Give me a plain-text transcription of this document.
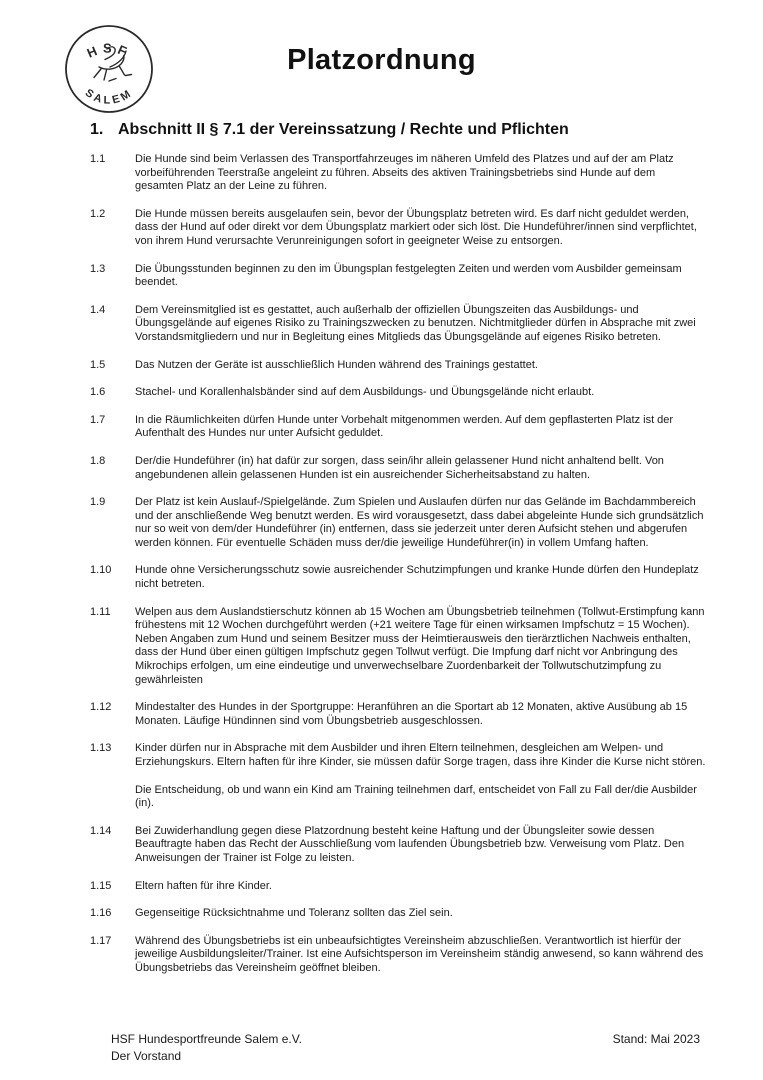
HSF
SALEM
Platzordnung
1. Abschnitt II § 7.1 der Vereinssatzung / Rechte und Pflichten
1.1	Die Hunde sind beim Verlassen des Transportfahrzeuges im näheren Umfeld des Platzes und auf der am Platz vorbeiführenden Teerstraße angeleint zu führen. Abseits des aktiven Trainingsbetriebs sind Hunde auf dem gesamten Platz an der Leine zu führen.

1.2	Die Hunde müssen bereits ausgelaufen sein, bevor der Übungsplatz betreten wird. Es darf nicht geduldet werden, dass der Hund auf oder direkt vor dem Übungsplatz markiert oder sich löst. Die Hundeführer/innen sind verpflichtet, von ihrem Hund verursachte Verunreinigungen sofort in geeigneter Weise zu entsorgen.

1.3	Die Übungsstunden beginnen zu den im Übungsplan festgelegten Zeiten und werden vom Ausbilder gemeinsam beendet.

1.4	Dem Vereinsmitglied ist es gestattet, auch außerhalb der offiziellen Übungszeiten das Ausbildungs- und Übungsgelände auf eigenes Risiko zu Trainingszwecken zu benutzen. Nichtmitglieder dürfen in Absprache mit zwei Vorstandsmitgliedern und nur in Begleitung eines Mitglieds das Übungsgelände auf eigenes Risiko betreten.

1.5	Das Nutzen der Geräte ist ausschließlich Hunden während des Trainings gestattet.

1.6	Stachel- und Korallenhalsbänder sind auf dem Ausbildungs- und Übungsgelände nicht erlaubt.

1.7	In die Räumlichkeiten dürfen Hunde unter Vorbehalt mitgenommen werden. Auf dem gepflasterten Platz ist der Aufenthalt des Hundes nur unter Aufsicht geduldet.

1.8	Der/die Hundeführer (in) hat dafür zur sorgen, dass sein/ihr allein gelassener Hund nicht anhaltend bellt. Von angebundenen allein gelassenen Hunden ist ein ausreichender Sicherheitsabstand zu halten.

1.9	Der Platz ist kein Auslauf-/Spielgelände. Zum Spielen und Auslaufen dürfen nur das Gelände im Bachdammbereich und der anschließende Weg benutzt werden. Es wird vorausgesetzt, dass dabei abgeleinte Hunde sich grundsätzlich nur so weit von dem/der Hundeführer (in) entfernen, dass sie jederzeit unter deren Aufsicht stehen und abgerufen werden können. Für eventuelle Schäden muss der/die jeweilige Hundeführer(in) in vollem Umfang haften.

1.10	Hunde ohne Versicherungsschutz sowie ausreichender Schutzimpfungen und kranke Hunde dürfen den Hundeplatz nicht betreten.

1.11	Welpen aus dem Auslandstierschutz können ab 15 Wochen am Übungsbetrieb teilnehmen (Tollwut-Erstimpfung kann frühestens mit 12 Wochen durchgeführt werden (+21 weitere Tage für einen wirksamen Impfschutz = 15 Wochen). Neben Angaben zum Hund und seinem Besitzer muss der Heimtierausweis den tierärztlichen Nachweis enthalten, dass der Hund über einen gültigen Impfschutz gegen Tollwut verfügt. Die Impfung darf nicht vor Anbringung des Mikrochips erfolgen, um eine eindeutige und unverwechselbare Zuordenbarkeit der Tollwutschutzimpfung zu gewährleisten

1.12	Mindestalter des Hundes in der Sportgruppe: Heranführen an die Sportart ab 12 Monaten, aktive Ausübung ab 15 Monaten. Läufige Hündinnen sind vom Übungsbetrieb ausgeschlossen.

1.13	Kinder dürfen nur in Absprache mit dem Ausbilder und ihren Eltern teilnehmen, desgleichen am Welpen- und Erziehungskurs. Eltern haften für ihre Kinder, sie müssen dafür Sorge tragen, dass ihre Kinder die Kurse nicht stören.

Die Entscheidung, ob und wann ein Kind am Training teilnehmen darf, entscheidet von Fall zu Fall der/die Ausbilder (in).

1.14	Bei Zuwiderhandlung gegen diese Platzordnung besteht keine Haftung und der Übungsleiter sowie dessen Beauftragte haben das Recht der Ausschließung vom laufenden Übungsbetrieb bzw. Verweisung vom Platz. Den Anweisungen der Trainer ist Folge zu leisten.

1.15	Eltern haften für ihre Kinder.

1.16	Gegenseitige Rücksichtnahme und Toleranz sollten das Ziel sein.

1.17	Während des Übungsbetriebs ist ein unbeaufsichtigtes Vereinsheim abzuschließen. Verantwortlich ist hierfür der jeweilige Ausbildungsleiter/Trainer. Ist eine Aufsichtsperson im Vereinsheim ständig anwesend, so kann während des Übungsbetriebs das Vereinsheim geöffnet bleiben.

HSF Hundesportfreunde Salem e.V.
Der Vorstand
Stand: Mai 2023
